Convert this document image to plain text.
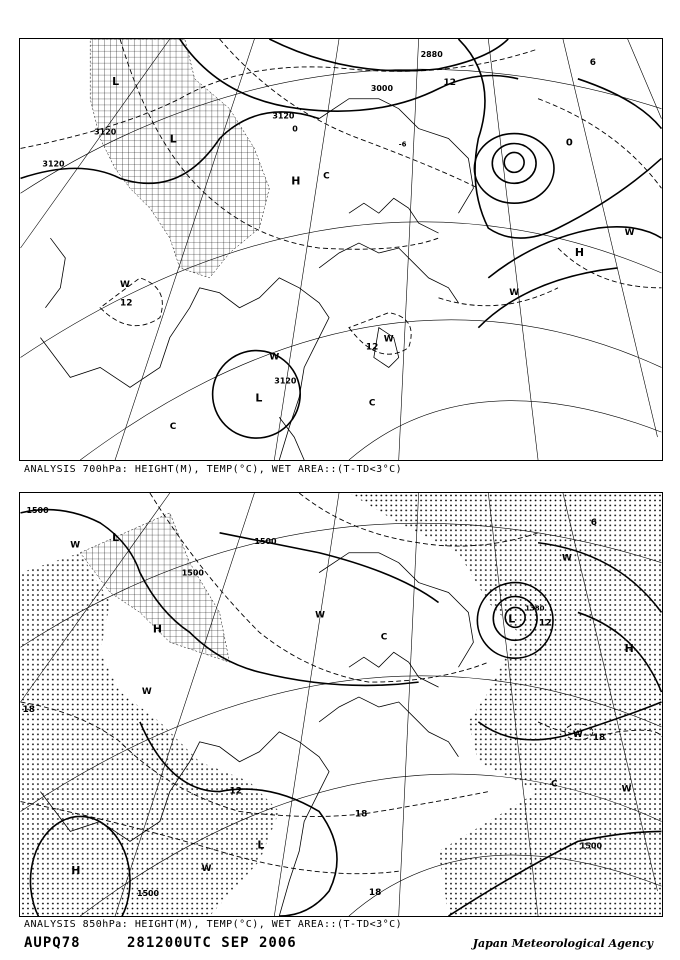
3120
3120
3120
3000
2880
3120
0
-6
12
12
6
12
0
L
L
H
H
L
W
W
W
W
C
C
C
W
ANALYSIS 700hPa: HEIGHT(M), TEMP(°C), WET AREA::(T-TD<3°C)
1500
1500
1500
1380
1500
1500
18
18
12
18
6
12
18
L
H
L
H
H
L
W
W
W
C
W
C	W
W
W
ANALYSIS 850hPa: HEIGHT(M), TEMP(°C), WET AREA::(T-TD<3°C)
AUPQ78	281200UTC SEP 2006	Japan Meteorological Agency
